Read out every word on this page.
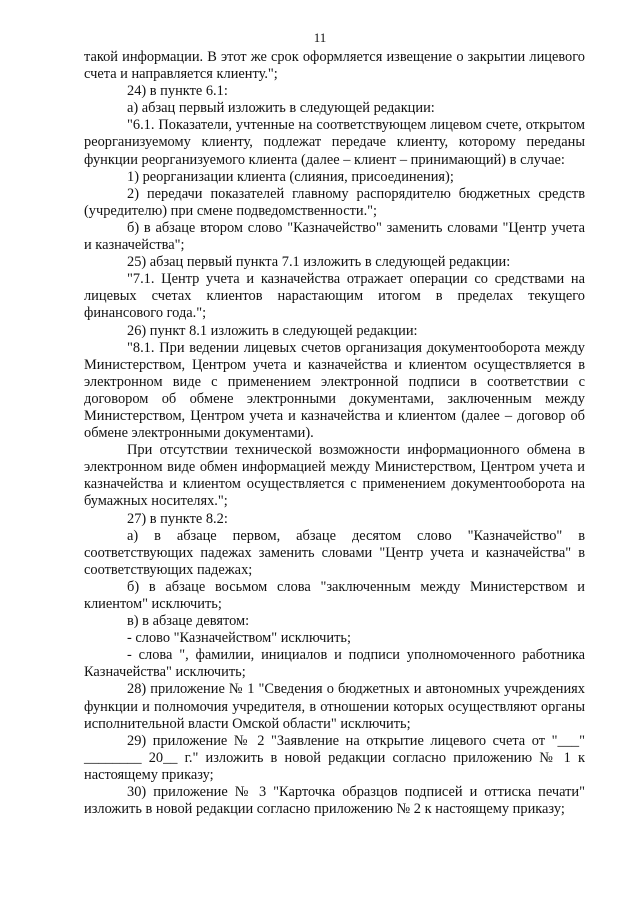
11

такой информации. В этот же срок оформляется извещение о закрытии лицевого счета и направляется клиенту.";

24) в пункте 6.1:

а) абзац первый изложить в следующей редакции:

"6.1. Показатели, учтенные на соответствующем лицевом счете, открытом реорганизуемому клиенту, подлежат передаче клиенту, которому переданы функции реорганизуемого клиента (далее – клиент – принимающий) в случае:

1) реорганизации клиента (слияния, присоединения);

2) передачи показателей главному распорядителю бюджетных средств (учредителю) при смене подведомственности.";

б) в абзаце втором слово "Казначейство" заменить словами "Центр учета и казначейства";

25) абзац первый пункта 7.1 изложить в следующей редакции:

"7.1. Центр учета и казначейства отражает операции со средствами на лицевых счетах клиентов нарастающим итогом в пределах текущего финансового года.";

26) пункт 8.1 изложить в следующей редакции:

"8.1. При ведении лицевых счетов организация документооборота между Министерством, Центром учета и казначейства и клиентом осуществляется в электронном виде с применением электронной подписи в соответствии с договором об обмене электронными документами, заключенным между Министерством, Центром учета и казначейства и клиентом (далее – договор об обмене электронными документами).

При отсутствии технической возможности информационного обмена в электронном виде обмен информацией между Министерством, Центром учета и казначейства и клиентом осуществляется с применением документооборота на бумажных носителях.";

27) в пункте 8.2:

а) в абзаце первом, абзаце десятом слово "Казначейство" в соответствующих падежах заменить словами "Центр учета и казначейства" в соответствующих падежах;

б) в абзаце восьмом слова "заключенным между Министерством и клиентом" исключить;

в) в абзаце девятом:

- слово "Казначейством" исключить;

- слова ", фамилии, инициалов и подписи уполномоченного работника Казначейства" исключить;

28) приложение № 1 "Сведения о бюджетных и автономных учреждениях функции и полномочия учредителя, в отношении которых осуществляют органы исполнительной власти Омской области" исключить;

29) приложение № 2 "Заявление на открытие лицевого счета от "___" ________ 20__ г." изложить в новой редакции согласно приложению № 1 к настоящему приказу;

30) приложение № 3 "Карточка образцов подписей и оттиска печати" изложить в новой редакции согласно приложению № 2 к настоящему приказу;
